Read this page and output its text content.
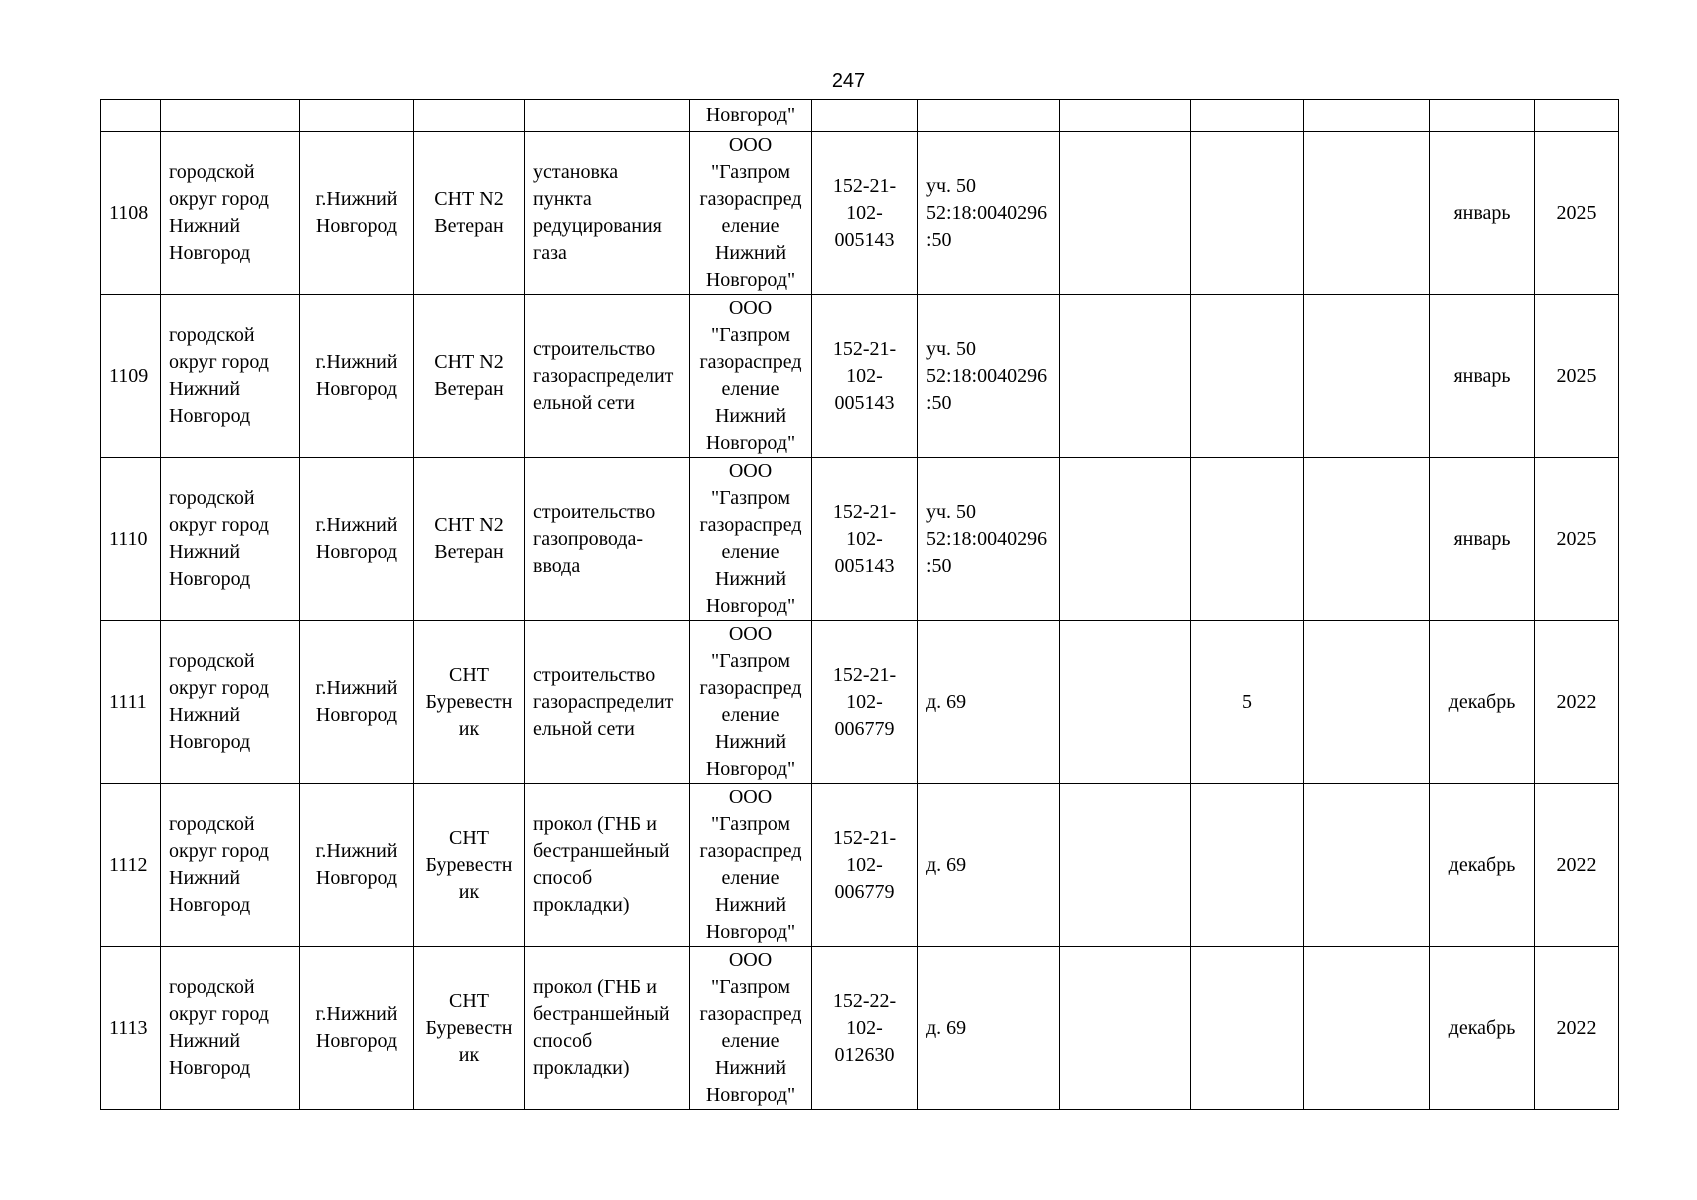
247
					Новгород"							
1108	городской округ город Нижний Новгород	г.Нижний Новгород	СНТ N2 Ветеран	установка пункта редуцирования газа	ООО "Газпром газораспред еление Нижний Новгород"	152-21-102-005143	уч. 50 52:18:0040296 :50				январь	2025
1109	городской округ город Нижний Новгород	г.Нижний Новгород	СНТ N2 Ветеран	строительство газораспределит ельной сети	ООО "Газпром газораспред еление Нижний Новгород"	152-21-102-005143	уч. 50 52:18:0040296 :50				январь	2025
1110	городской округ город Нижний Новгород	г.Нижний Новгород	СНТ N2 Ветеран	строительство газопровода-ввода	ООО "Газпром газораспред еление Нижний Новгород"	152-21-102-005143	уч. 50 52:18:0040296 :50				январь	2025
1111	городской округ город Нижний Новгород	г.Нижний Новгород	СНТ Буревестн ик	строительство газораспределит ельной сети	ООО "Газпром газораспред еление Нижний Новгород"	152-21-102-006779	д. 69		5		декабрь	2022
1112	городской округ город Нижний Новгород	г.Нижний Новгород	СНТ Буревестн ик	прокол (ГНБ и бестраншейный способ прокладки)	ООО "Газпром газораспред еление Нижний Новгород"	152-21-102-006779	д. 69				декабрь	2022
1113	городской округ город Нижний Новгород	г.Нижний Новгород	СНТ Буревестн ик	прокол (ГНБ и бестраншейный способ прокладки)	ООО "Газпром газораспред еление Нижний Новгород"	152-22-102-012630	д. 69				декабрь	2022
